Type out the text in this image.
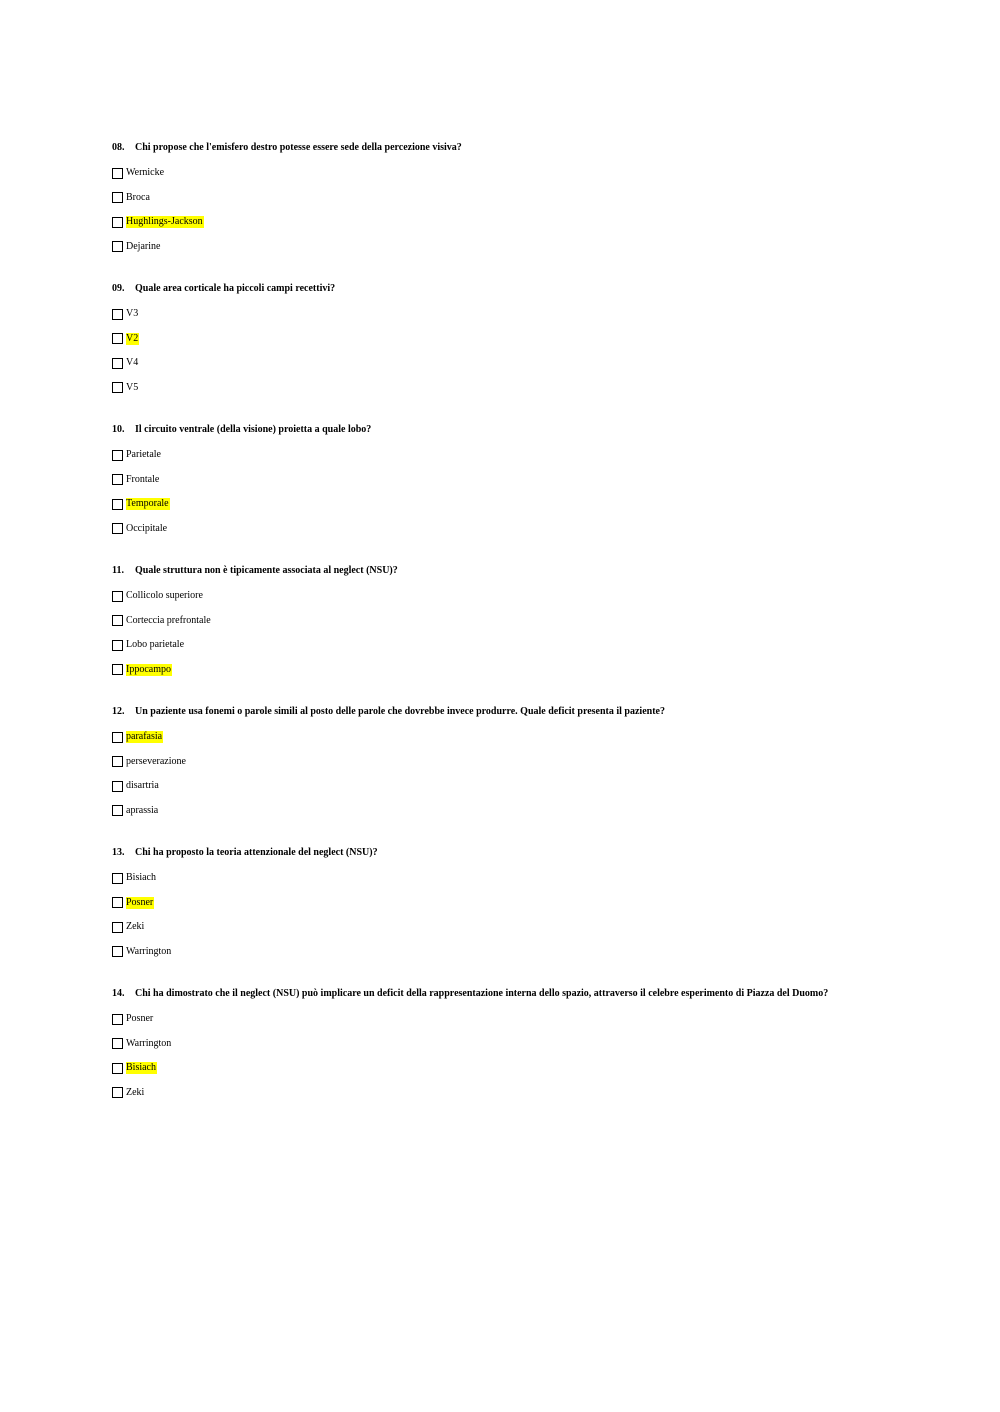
08. Chi propose che l'emisfero destro potesse essere sede della percezione visiva?
Wernicke
Broca
Hughlings-Jackson
Dejarine
09. Quale area corticale ha piccoli campi recettivi?
V3
V2
V4
V5
10. Il circuito ventrale (della visione) proietta a quale lobo?
Parietale
Frontale
Temporale
Occipitale
11. Quale struttura non è tipicamente associata al neglect (NSU)?
Collicolo superiore
Corteccia prefrontale
Lobo parietale
Ippocampo
12. Un paziente usa fonemi o parole simili al posto delle parole che dovrebbe invece produrre. Quale deficit presenta il paziente?
parafasia
perseverazione
disartria
aprassia
13. Chi ha proposto la teoria attenzionale del neglect (NSU)?
Bisiach
Posner
Zeki
Warrington
14. Chi ha dimostrato che il neglect (NSU) può implicare un deficit della rappresentazione interna dello spazio, attraverso il celebre esperimento di Piazza del Duomo?
Posner
Warrington
Bisiach
Zeki
